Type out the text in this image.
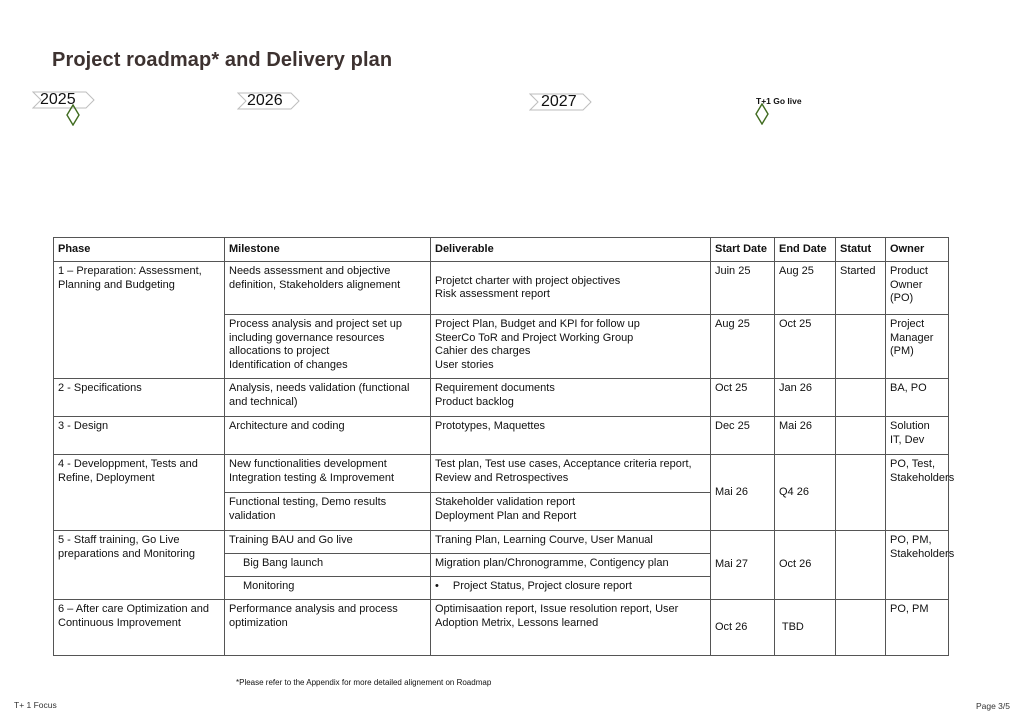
Project roadmap* and Delivery plan
2025	2026	2027	T+1 Go live
Phase	Milestone	Deliverable	Start Date	End Date	Statut	Owner
1 – Preparation: Assessment, Planning and Budgeting	Needs assessment and objective definition, Stakeholders alignement	Projetct charter with project objectives
Risk assessment report	Juin 25	Aug 25	Started	Product Owner (PO)

	Process analysis and project set up
including governance resources
allocations to project
Identification of changes	Project Plan, Budget and KPI for follow up
SteerCo ToR and Project Working Group
Cahier des charges
User stories	Aug 25	Oct 25		Project Manager (PM)
2 - Specifications	Analysis, needs validation (functional and technical)	Requirement documents
Product backlog	Oct 25	Jan 26		BA, PO
3 - Design	Architecture and coding	Prototypes, Maquettes	Dec 25	Mai 26		Solution IT, Dev
4 - Developpment, Tests and Refine, Deployment	New functionalities development
Integration testing & Improvement	Test plan, Test use cases, Acceptance criteria report, Review and Retrospectives	Mai 26	Q4 26		PO, Test, Stakeholders
	Functional testing, Demo results validation	Stakeholder validation report
Deployment Plan and Report				

5 - Staff training, Go Live preparations and Monitoring	Training BAU and Go live	Traning Plan, Learning Courve, User Manual	Mai 27	Oct 26		PO, PM, Stakeholders
	Big Bang launch	Migration plan/Chronogramme, Contigency plan				
	Monitoring	• Project Status, Project closure report				
6 – After care Optimization and Continuous Improvement	Performance analysis and process optimization	Optimisaation report, Issue resolution report, User Adoption Metrix, Lessons learned	Oct 26	TBD		PO, PM
*Please refer to the Appendix for more detailed alignement on Roadmap
T+ 1 Focus	Page 3/5
